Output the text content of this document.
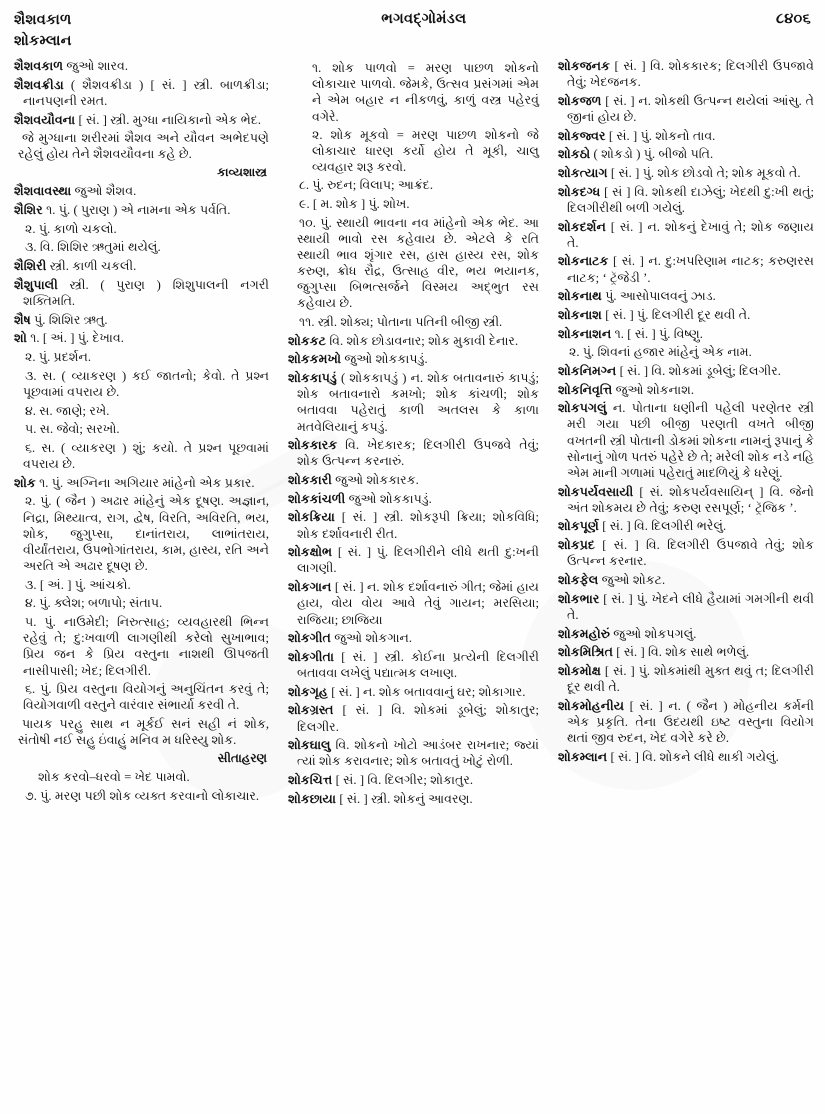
શૈશવકાળ
શોકમ્લાન
ભગવદ્ગોમંડલ	૮૪૦૬

શૈશવકાળ જુઓ શારવ.

શૈશવક્રીડા ( શૈશવક્રીડા ) [ સં. ] સ્ત્રી. બાળક્રીડા; નાનપણની રમત.

શૈશવયૌવના [ સં. ] સ્ત્રી. મુગ્ધા નાયિકાનો એક ભેદ.

જે મુગ્ધાના શરીરમાં શૈશવ અને યૌવન અભેદપણે રહેલું હોય તેને શૈશવયૌવના કહે છે.

કાવ્યશાસ્ત્ર

શૈશવાવસ્થા જુઓ શૈશવ.

શૈશિર ૧. પું. ( પુરાણ ) એ નામના એક પર્વતિ.

૨. પું. કાળો ચકલો.

૩. વિ. શિશિર ઋતુમાં થયેલું.

શૈશિરી સ્ત્રી. કાળી ચકલી.

શૈશુપાલી સ્ત્રી. ( પુરાણ ) શિશુપાલની નગરી શક્તિમતિ.

શૈષ પું. શિશિર ઋતુ.

શો ૧. [ અં. ] પું. દેખાવ.

૨. પું. પ્રદર્શન.

૩. સ. ( વ્યાકરણ ) કઈ જાતનો; કેવો. તે પ્રશ્ન પૂછવામાં વપરાય છે.

૪. સ. જાણે; રખે.

૫. સ. જેવો; સરખો.

૬. સ. ( વ્યાકરણ ) શું; કયો. તે પ્રશ્ન પૂછવામાં વપરાય છે.

શોક ૧. પું. અગ્નિના અગિયાર માંહેનો એક પ્રકાર.

૨. પું. ( જૈન ) અઢાર માંહેનું એક દૂષણ. અજ્ઞાન, નિદ્રા, મિથ્યાત્વ, રાગ, દ્વેષ, વિરતિ, અવિરતિ, ભય, શોક, જુગુપ્સા, દાનાંતરાય, લાભાંતરાય, વીર્યાંતરાય, ઉપભોગાંતરાય, કામ, હાસ્ય, રતિ અને અરતિ એ અઢાર દૂષણ છે.

૩. [ અં. ] પું. આંચકો.

૪. પું. ક્લેશ; બળાપો; સંતાપ.

૫. પું. નાઉમેદી; નિરુત્સાહ; વ્યવહારથી ભિન્ન રહેવું તે; દુ:ખવાળી લાગણીથી કરેલો સુખાભાવ; પ્રિય જન કે પ્રિય વસ્તુના નાશથી ઊપજતી નાસીપાસી; ખેદ; દિલગીરી.

૬. પું. પ્રિય વસ્તુના વિયોગનું અનુચિંતન કરવું તે; વિયોગવાળી વસ્તુને વારંવાર સંભાર્યા કરવી તે.

પાયક પરહુ સાથ ન મૂર્કઈ સનં સહી નં શોક, સંતોષી નઈ સહુ ઇંવાહું મનિવ મ ધરિસ્યુ શોક.

સીતાહરણ

શોક કરવો–ધરવો = ખેદ પામવો.

૭. પું. મરણ પછી શોક વ્યક્ત કરવાનો લોકાચાર.

૧. શોક પાળવો = મરણ પાછળ શોકનો લોકાચાર પાળવો. જેમકે, ઉત્સવ પ્રસંગમાં એમ ને એમ બહાર ન નીકળવું, કાળું વસ્ત્ર પહેરવું વગેરે.

૨. શોક મૂકવો = મરણ પાછળ શોકનો જે લોકાચાર ધારણ કર્યો હોય તે મૂકી, ચાલુ વ્યવહાર શરૂ કરવો.

૮. પું. રુદન; વિલાપ; આક્રંદ.

૯. [ મ. શોક ] પું. શોખ.

૧૦. પું. સ્થાયી ભાવના નવ માંહેનો એક ભેદ. આ સ્થાયી ભાવો રસ કહેવાય છે. એટલે કે રતિ સ્થાયી ભાવ શૃંગાર રસ, હાસ હાસ્ય રસ, શોક કરુણ, ક્રોધ રૌદ્ર, ઉત્સાહ વીર, ભય ભયાનક, જુગુપ્સા બિભત્સર્જને વિસ્મય અદ્ભુત રસ કહેવાય છે.

૧૧. સ્ત્રી. શોક્ય; પોતાના પતિની બીજી સ્ત્રી.

શોકકટ વિ. શોક છોડાવનાર; શોક મુકાવી દેનાર.

શોકકમખો જુઓ શોકકાપડું.

શોકકાપડું ( શોકકાપડું ) ન. શોક બતાવનારું કાપડું; શોક બતાવનારો કમખો; શોક કાંચળી; શોક બતાવવા પહેરાતું કાળી અતલસ કે કાળા મતવેલિયાનું કપડું.

શોકકારક વિ. ખેદકારક; દિલગીરી ઉપજવે તેવું; શોક ઉત્પન્ન કરનારું.

શોકકારી જુઓ શોકકારક.

શોકકાંચળી જુઓ શોકકાપડું.

શોકક્રિયા [ સં. ] સ્ત્રી. શોકરૂપી ક્રિયા; શોકવિધિ; શોક દર્શાવનારી રીત.

શોકક્ષોભ [ સં. ] પું. દિલગીરીને લીધે થતી દુ:ખની લાગણી.

શોકગાન [ સં. ] ન. શોક દર્શાવનારું ગીત; જેમાં હાય હાય, વોય વોય આવે તેવું ગાયન; મરસિયા; રાજિયા; છાજિયા

શોકગીત જુઓ શોકગાન.

શોકગીતા [ સં. ] સ્ત્રી. કોઈના પ્રત્યેની દિલગીરી બતાવવા લખેલું પદ્યાત્મક લખાણ.

શોકગૃહ [ સં. ] ન. શોક બતાવવાનું ઘર; શોકાગાર.

શોકગ્રસ્ત [ સં. ] વિ. શોકમાં ડૂબેલું; શોકાતુર; દિલગીર.

શોકઘાલુ વિ. શોકનો ખોટો આડંબર રાખનાર; જ્યાં ત્યાં શોક કરાવનાર; શોક બતાવતું ખોટું રોળી.

શોકચિત્ત [ સં. ] વિ. દિલગીર; શોકાતુર.

શોકછાયા [ સં. ] સ્ત્રી. શોકનું આવરણ.

શોકજનક [ સં. ] વિ. શોકકારક; દિલગીરી ઉપજાવે તેવું; ખેદજનક.

શોકજળ [ સં. ] ન. શોકથી ઉત્પન્ન થયેલાં આંસુ. તે જીનાં હોય છે.

શોકજ્વર [ સં. ] પું. શોકનો તાવ.

શોકઠો ( શોકડો ) પું. બીજો પતિ.

શોકત્યાગ [ સં. ] પું. શોક છોડવો તે; શોક મૂકવો તે.

શોકદગ્ધ [ સં ] વિ. શોકથી દાઝેલું; ખેદથી દુ:ખી થતું; દિલગીરીથી બળી ગયેલું.

શોકદર્શન [ સં. ] ન. શોકનું દેખાવું તે; શોક જણાય તે.

શોકનાટક [ સં. ] ન. દુ:ખપરિણામ નાટક; કરુણરસ નાટક; ‘ ટ્રૅજેડી ’.

શોકનાથ પું. આસોપાલવનું ઝાડ.

શોકનાશ [ સં. ] પું. દિલગીરી દૂર થવી તે.

શોકનાશન ૧. [ સં. ] પું. વિષ્ણુ.

૨. પું. શિવનાં હજાર માંહેનું એક નામ.

શોકનિમગ્ન [ સં. ] વિ. શોકમાં ડૂબેલું; દિલગીર.

શોકનિવૃત્તિ જુઓ શોકનાશ.

શોકપગલું ન. પોતાના ધણીની પહેલી પરણેતર સ્ત્રી મરી ગયા પછી બીજી પરણતી વખતે બીજી વખતની સ્ત્રી પોતાની ડોકમાં શોકના નામનું રૂપાનું કે સોનાનું ગોળ પતરું પહેરે છે તે; મરેલી શોક નડે નહિ એમ માની ગળામાં પહેરાતું માદળિયું કે ધરેણું.

શોકપર્યવસાયી [ સં. શોકપર્યવસાયિન્ ] વિ. જેનો અંત શોકમય છે તેવું; કરુણ રસપૂર્ણ; ‘ ટ્રૅજિક ’.

શોકપૂર્ણ [ સં. ] વિ. દિલગીરી ભરેલું.

શોકપ્રદ [ સં. ] વિ. દિલગીરી ઉપજાવે તેવું; શોક ઉત્પન્ન કરનાર.

શોકફેલ જુઓ શોકટ.

શોકભાર [ સં. ] પું. ખેદને લીધે હૈયામાં ગમગીની થવી તે.

શોકમહોરું જુઓ શોકપગલું.

શોકમિશ્રિત [ સં. ] વિ. શોક સાથે ભળેલું.

શોકમોક્ષ [ સં. ] પું. શોકમાંથી મુક્ત થવું ત; દિલગીરી દૂર થવી તે.

શોકમોહનીય [ સં. ] ન. ( જૈન ) મોહનીય કર્મની એક પ્રકૃતિ. તેના ઉદયથી ઇષ્ટ વસ્તુના વિયોગ થતાં જીવ રુદન, ખેદ વગેરે કરે છે.

શોકમ્લાન [ સં. ] વિ. શોકને લીધે થાકી ગયેલું.
